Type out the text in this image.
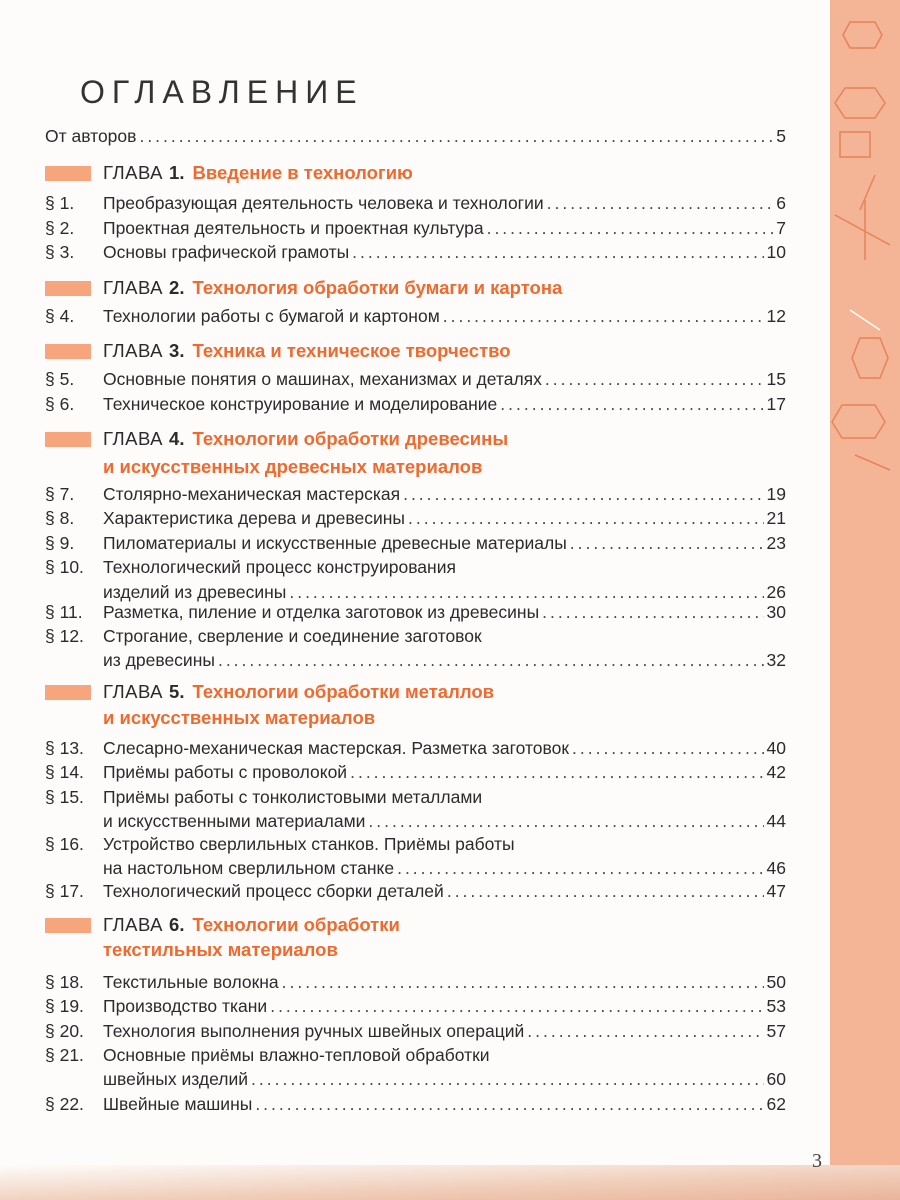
ОГЛАВЛЕНИЕ
От авторов .....	5
ГЛАВА 1. Введение в технологию
§ 1.	Преобразующая деятельность человека и технологии .....	6
§ 2.	Проектная деятельность и проектная культура .....	7
§ 3.	Основы графической грамоты .....	10
ГЛАВА 2. Технология обработки бумаги и картона
§ 4.	Технологии работы с бумагой и картоном .....	12
ГЛАВА 3. Техника и техническое творчество
§ 5.	Основные понятия о машинах, механизмах и деталях .....	15
§ 6.	Техническое конструирование и моделирование .....	17
ГЛАВА 4. Технологии обработки древесины
и искусственных древесных материалов
§ 7.	Столярно-механическая мастерская .....	19
§ 8.	Характеристика дерева и древесины .....	21
§ 9.	Пиломатериалы и искусственные древесные материалы .....	23
§ 10.	Технологический процесс конструирования
изделий из древесины .....	26
§ 11.	Разметка, пиление и отделка заготовок из древесины .....	30
§ 12.	Строгание, сверление и соединение заготовок
из древесины .....	32
ГЛАВА 5. Технологии обработки металлов
и искусственных материалов
§ 13.	Слесарно-механическая мастерская. Разметка заготовок .....	40
§ 14.	Приёмы работы с проволокой .....	42
§ 15.	Приёмы работы с тонколистовыми металлами
и искусственными материалами .....	44
§ 16.	Устройство сверлильных станков. Приёмы работы
на настольном сверлильном станке .....	46
§ 17.	Технологический процесс сборки деталей .....	47
ГЛАВА 6. Технологии обработки
текстильных материалов
§ 18.	Текстильные волокна .....	50
§ 19.	Производство ткани .....	53
§ 20.	Технология выполнения ручных швейных операций .....	57
§ 21.	Основные приёмы влажно-тепловой обработки
швейных изделий .....	60
§ 22.	Швейные машины .....	62
3
